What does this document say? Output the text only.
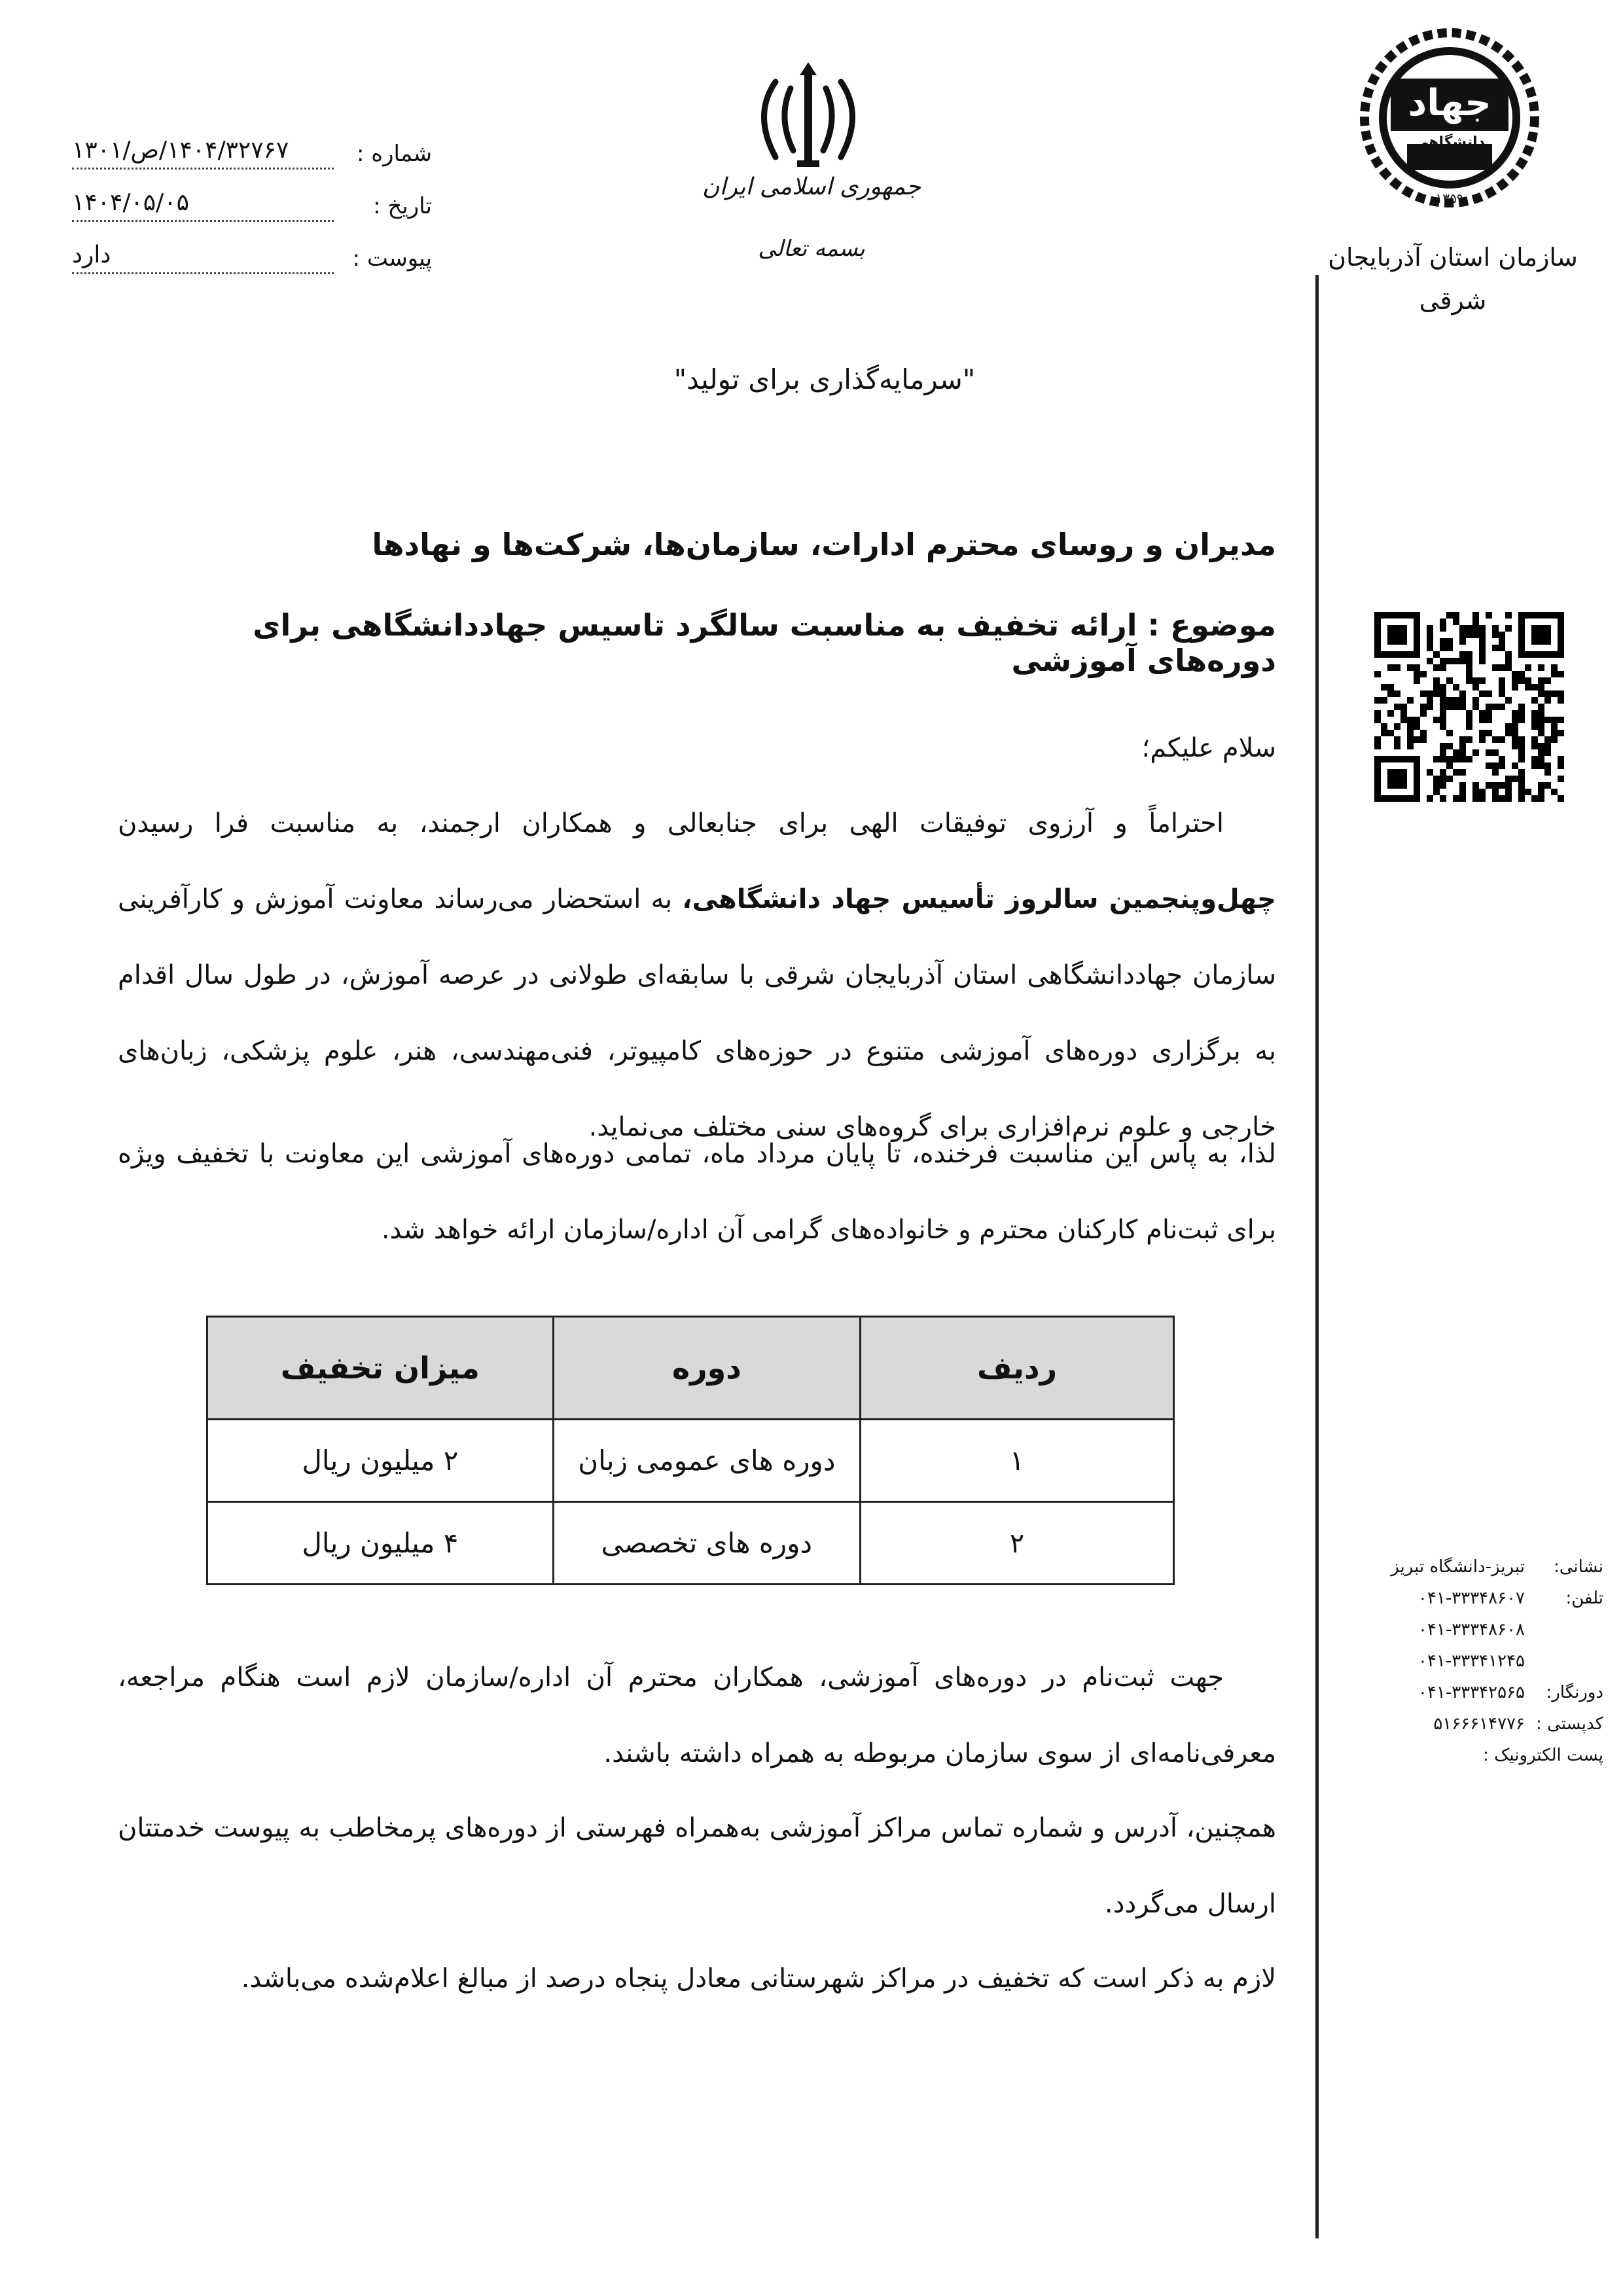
شماره :
۱۴۰۴/۳۲۷۶۷/ص/۱۳۰۱
تاریخ :
۱۴۰۴/۰۵/۰۵
پیوست :
دارد
جمهوری اسلامی ایران
بسمه تعالی
۱۳۵۹
جهاد
دانشگاهی
سازمان استان آذربایجان
شرقی
"سرمایه‌گذاری برای تولید"
مدیران و روسای محترم ادارات، سازمان‌ها، شرکت‌ها و نهادها
موضوع : ارائه تخفیف به مناسبت سالگرد تاسیس جهاددانشگاهی برای دوره‌های آموزشی
سلام علیکم؛
احتراماً و آرزوی توفیقات الهی برای جنابعالی و همکاران ارجمند، به مناسبت فرا رسیدن چهل‌وپنجمین سالروز تأسیس جهاد دانشگاهی، به استحضار می‌رساند معاونت آموزش و کارآفرینی سازمان جهاددانشگاهی استان آذربایجان شرقی با سابقه‌ای طولانی در عرصه آموزش، در طول سال اقدام به برگزاری دوره‌های آموزشی متنوع در حوزه‌های کامپیوتر، فنی‌مهندسی، هنر، علوم پزشکی، زبان‌های خارجی و علوم نرم‌افزاری برای گروه‌های سنی مختلف می‌نماید.
لذا، به پاس این مناسبت فرخنده، تا پایان مرداد ماه، تمامی دوره‌های آموزشی این معاونت با تخفیف ویژه برای ثبت‌نام کارکنان محترم و خانواده‌های گرامی آن اداره/سازمان ارائه خواهد شد.
ردیف	دوره	میزان تخفیف
۱	دوره های عمومی زبان	۲ میلیون ریال
۲	دوره های تخصصی	۴ میلیون ریال
جهت ثبت‌نام در دوره‌های آموزشی، همکاران محترم آن اداره/سازمان لازم است هنگام مراجعه، معرفی‌نامه‌ای از سوی سازمان مربوطه به همراه داشته باشند.
همچنین، آدرس و شماره تماس مراکز آموزشی به‌همراه فهرستی از دوره‌های پرمخاطب به پیوست خدمتتان ارسال می‌گردد.
لازم به ذکر است که تخفیف در مراکز شهرستانی معادل پنجاه درصد از مبالغ اعلام‌شده می‌باشد.
نشانی:تبریز-دانشگاه تبریز
تلفن:۰۴۱-۳۳۳۴۸۶۰۷
۰۴۱-۳۳۳۴۸۶۰۸
۰۴۱-۳۳۳۴۱۲۴۵
دورنگار:۰۴۱-۳۳۳۴۲۵۶۵
کدپستی :۵۱۶۶۶۱۴۷۷۶
پست الکترونیک :
